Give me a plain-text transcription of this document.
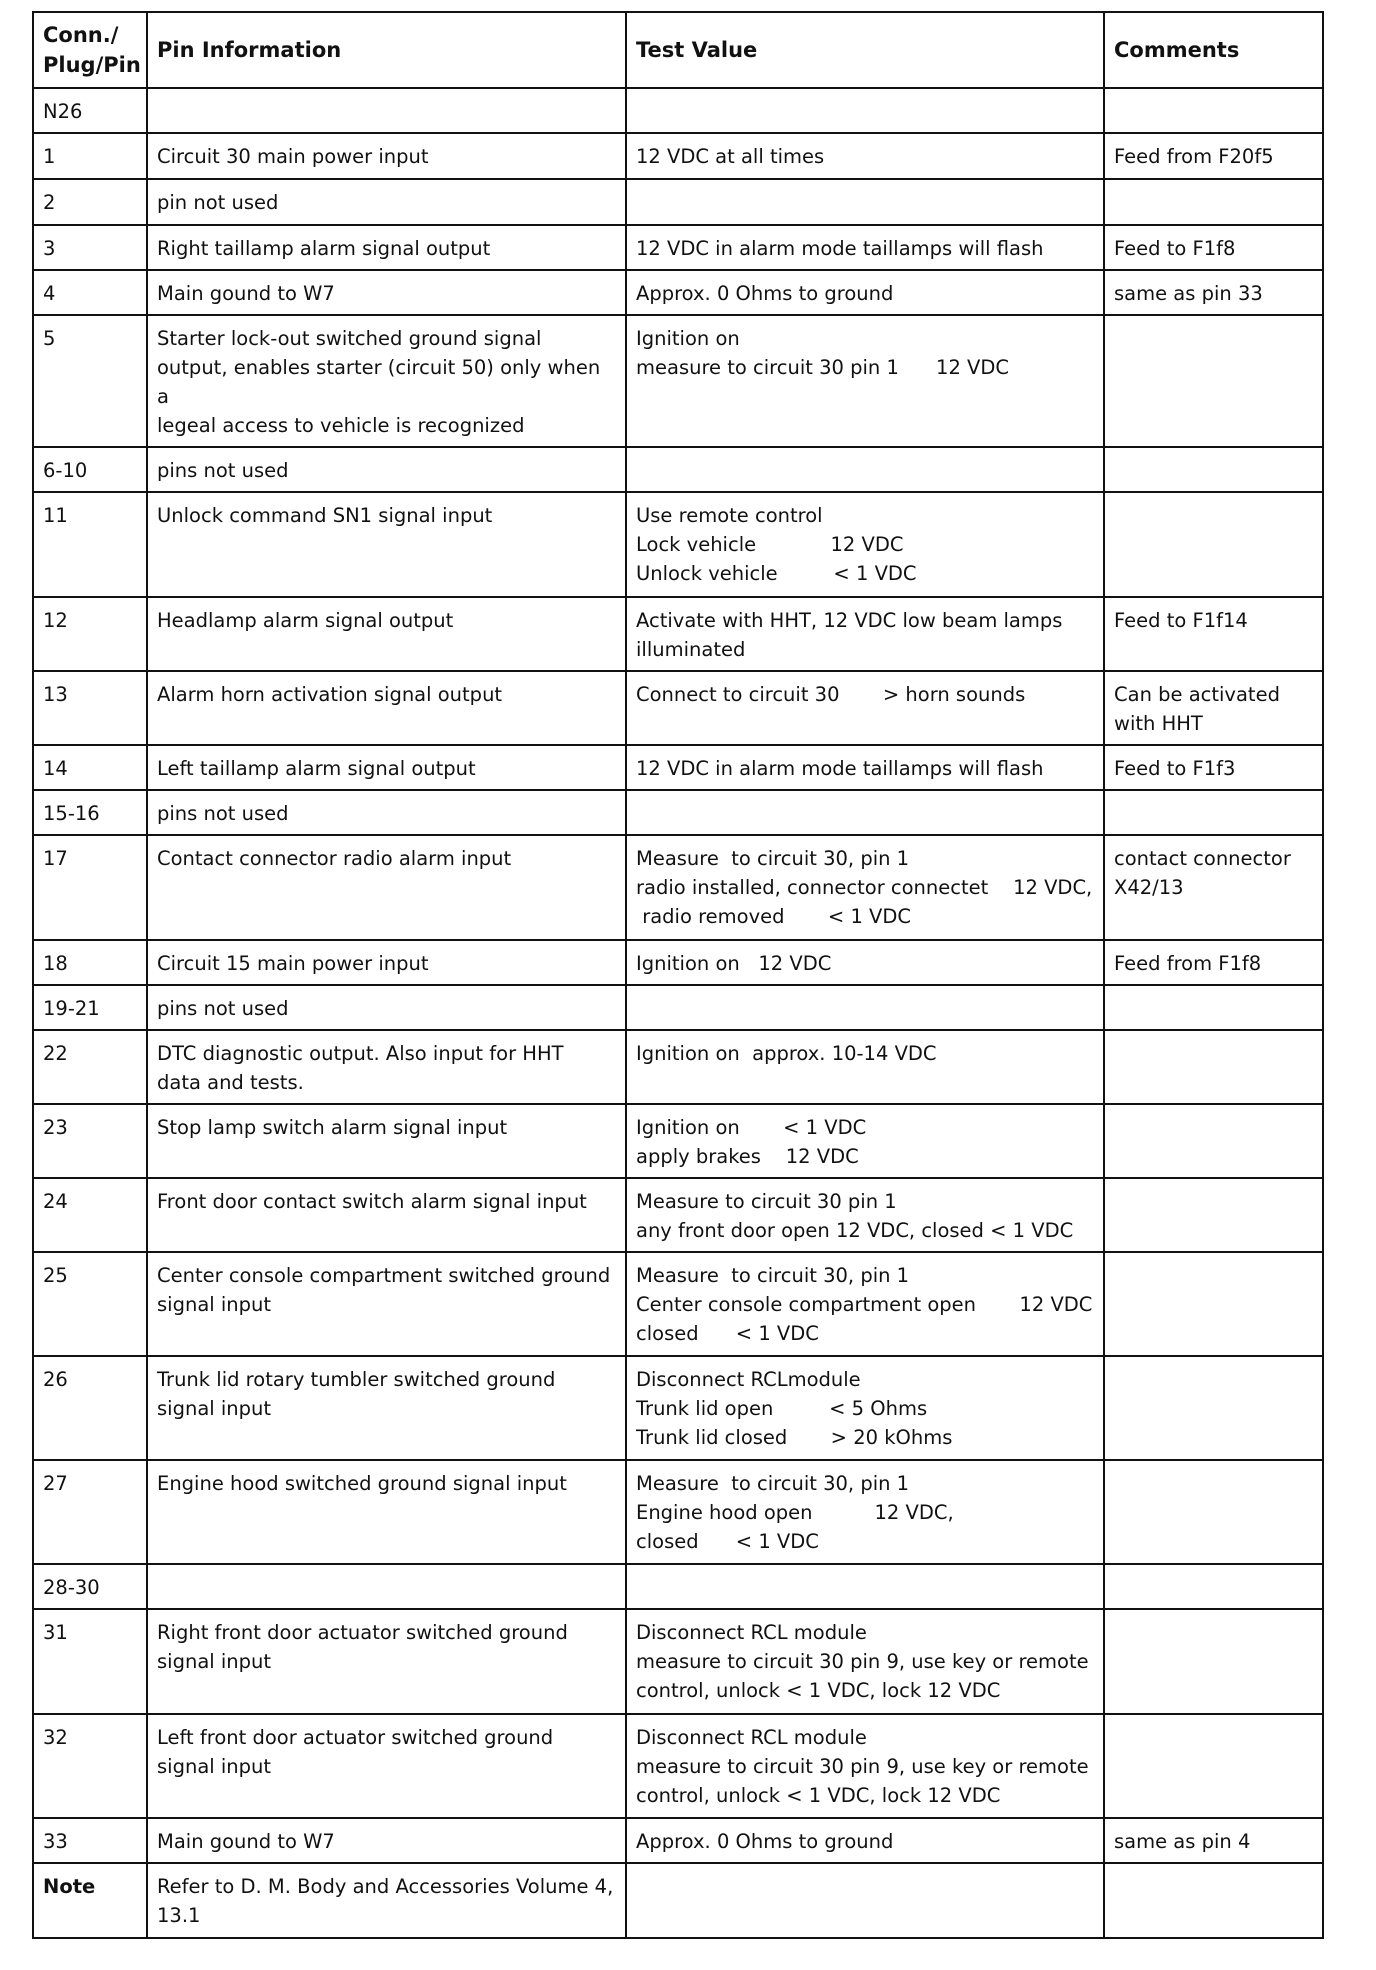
Conn./
Plug/Pin	Pin Information	Test Value	Comments
N26			
1	Circuit 30 main power input	12 VDC at all times	Feed from F20f5
2	pin not used		
3	Right taillamp alarm signal output	12 VDC in alarm mode taillamps will flash	Feed to F1f8
4	Main gound to W7	Approx. 0 Ohms to ground	same as pin 33
5	Starter lock-out switched ground signal
output, enables starter (circuit 50) only when a
legeal access to vehicle is recognized	Ignition on
measure to circuit 30 pin 1      12 VDC	
6-10	pins not used		
11	Unlock command SN1 signal input	Use remote control
Lock vehicle            12 VDC
Unlock vehicle         < 1 VDC	
12	Headlamp alarm signal output	Activate with HHT, 12 VDC low beam lamps
illuminated	Feed to F1f14
13	Alarm horn activation signal output	Connect to circuit 30       > horn sounds	Can be activated
with HHT
14	Left taillamp alarm signal output	12 VDC in alarm mode taillamps will flash	Feed to F1f3
15-16	pins not used		
17	Contact connector radio alarm input	Measure  to circuit 30, pin 1
radio installed, connector connectet    12 VDC,
radio removed       < 1 VDC	contact connector
X42/13
18	Circuit 15 main power input	Ignition on   12 VDC	Feed from F1f8
19-21	pins not used		
22	DTC diagnostic output. Also input for HHT
data and tests.	Ignition on  approx. 10-14 VDC	
23	Stop lamp switch alarm signal input	Ignition on       < 1 VDC
apply brakes    12 VDC	
24	Front door contact switch alarm signal input	Measure to circuit 30 pin 1
any front door open 12 VDC, closed < 1 VDC	
25	Center console compartment switched ground
signal input	Measure  to circuit 30, pin 1
Center console compartment open       12 VDC
closed      < 1 VDC	
26	Trunk lid rotary tumbler switched ground
signal input	Disconnect RCLmodule
Trunk lid open         < 5 Ohms
Trunk lid closed       > 20 kOhms	
27	Engine hood switched ground signal input	Measure  to circuit 30, pin 1
Engine hood open          12 VDC,
closed      < 1 VDC	
28-30			
31	Right front door actuator switched ground
signal input	Disconnect RCL module
measure to circuit 30 pin 9, use key or remote
control, unlock < 1 VDC, lock 12 VDC	
32	Left front door actuator switched ground
signal input	Disconnect RCL module
measure to circuit 30 pin 9, use key or remote
control, unlock < 1 VDC, lock 12 VDC	
33	Main gound to W7	Approx. 0 Ohms to ground	same as pin 4
Note	Refer to D. M. Body and Accessories Volume 4,
13.1		
